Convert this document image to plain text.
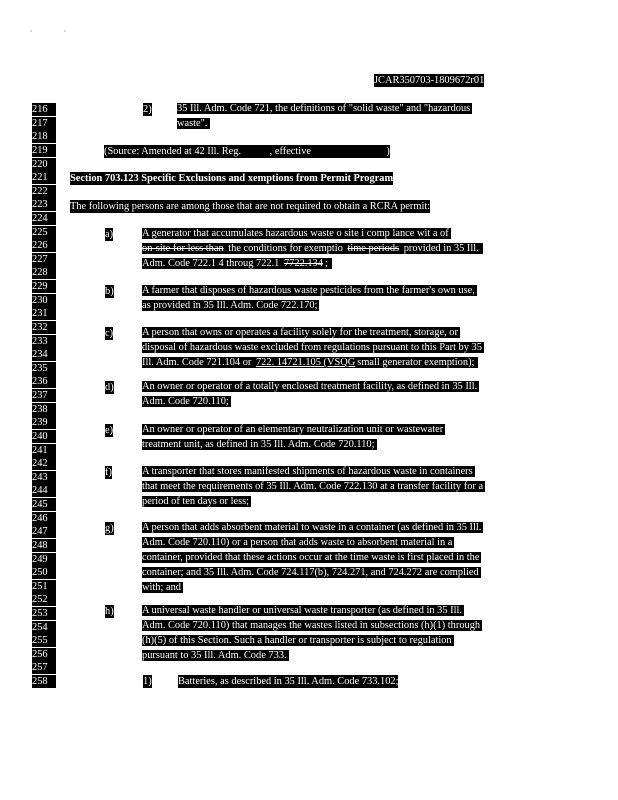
JCAR350703-1809672r01
216
217
218
219
220
221
222
223
224
225
226
227
228
229
230
231
232
233
234
235
236
237
238
239
240
241
242
243
244
245
246
247
248
249
250
251
252
253
254
255
256
257
258
2) 35 Ill. Adm. Code 721, the definitions of "solid waste" and "hazardous
waste".
(Source: Amended at 42 Ill. Reg.	, effective	)
Section 703.123 Specific Exclusions and xemptions from Permit Program
The following persons are among those that are not required to obtain a RCRA permit:
a)	A generator that accumulates hazardous waste o site i comp lance wit a of
on-site for less than the conditions for exemptio time periods provided in 35 Ill.
Adm. Code 722.1 4 throug 722.1 7722.134 ;
b)	A farmer that disposes of hazardous waste pesticides from the farmer's own use,
as provided in 35 Ill. Adm. Code 722.170;
c)	A person that owns or operates a facility solely for the treatment, storage, or
disposal of hazardous waste excluded from regulations pursuant to this Part by 35
Ill. Adm. Code 721.104 or 722. 14721.105 (VSQG small generator exemption);
d)	An owner or operator of a totally enclosed treatment facility, as defined in 35 Ill.
Adm. Code 720.110;
e)	An owner or operator of an elementary neutralization unit or wastewater
treatment unit, as defined in 35 Ill. Adm. Code 720.110;
f)	A transporter that stores manifested shipments of hazardous waste in containers
that meet the requirements of 35 Ill. Adm. Code 722.130 at a transfer facility for a
period of ten days or less;
g)	A person that adds absorbent material to waste in a container (as defined in 35 Ill.
Adm. Code 720.110) or a person that adds waste to absorbent material in a
container, provided that these actions occur at the time waste is first placed in the
container; and 35 Ill. Adm. Code 724.117(b), 724.271, and 724.272 are complied
with; and
h)	A universal waste handler or universal waste transporter (as defined in 35 Ill.
Adm. Code 720.110) that manages the wastes listed in subsections (h)(1) through
(h)(5) of this Section. Such a handler or transporter is subject to regulation
pursuant to 35 Ill. Adm. Code 733.
1)	Batteries, as described in 35 Ill. Adm. Code 733.102;
